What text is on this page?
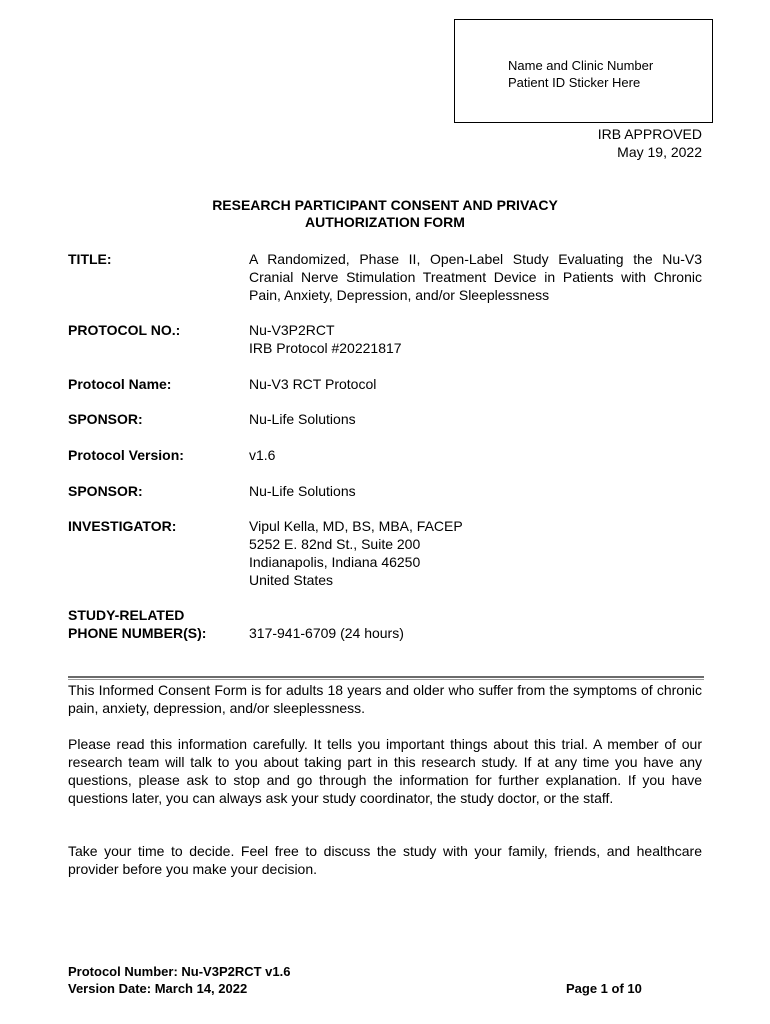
Name and Clinic Number
Patient ID Sticker Here
IRB APPROVED
May 19, 2022
RESEARCH PARTICIPANT CONSENT AND PRIVACY
AUTHORIZATION FORM
TITLE:	A Randomized, Phase II, Open-Label Study Evaluating the Nu-V3 Cranial Nerve Stimulation Treatment Device in Patients with Chronic Pain, Anxiety, Depression, and/or Sleeplessness
PROTOCOL NO.:	Nu-V3P2RCT
IRB Protocol #20221817
Protocol Name:	Nu-V3 RCT Protocol
SPONSOR:	Nu-Life Solutions
Protocol Version:	v1.6
SPONSOR:	Nu-Life Solutions
INVESTIGATOR:	Vipul Kella, MD, BS, MBA, FACEP
5252 E. 82nd St., Suite 200
Indianapolis, Indiana 46250
United States
STUDY-RELATED
PHONE NUMBER(S):	317-941-6709 (24 hours)
This Informed Consent Form is for adults 18 years and older who suffer from the symptoms of chronic pain, anxiety, depression, and/or sleeplessness.
Please read this information carefully. It tells you important things about this trial. A member of our research team will talk to you about taking part in this research study. If at any time you have any questions, please ask to stop and go through the information for further explanation. If you have questions later, you can always ask your study coordinator, the study doctor, or the staff.
Take your time to decide. Feel free to discuss the study with your family, friends, and healthcare provider before you make your decision.
Protocol Number: Nu-V3P2RCT v1.6
Version Date: March 14, 2022	Page 1 of 10
